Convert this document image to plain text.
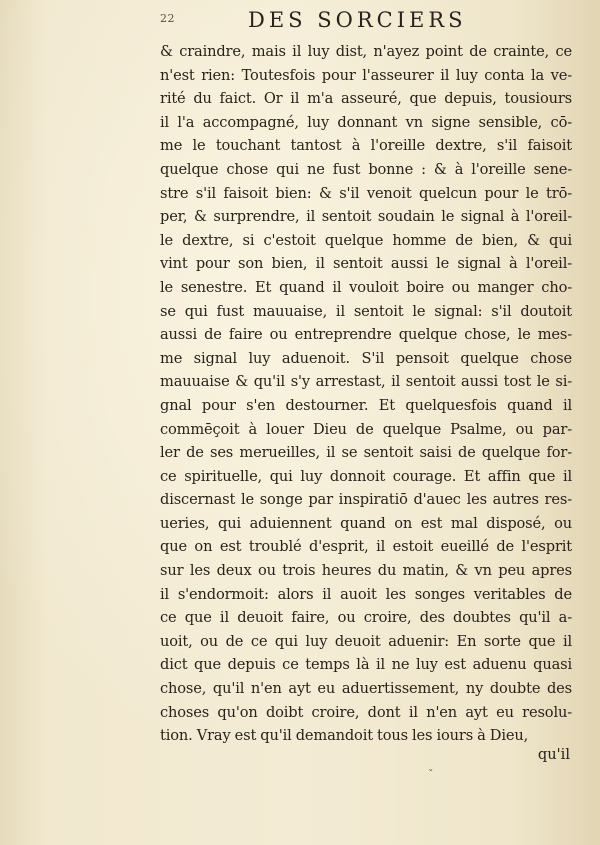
22	DES SORCIERS
& craindre, mais il luy dist, n'ayez point de crainte, ce
n'est rien: Toutesfois pour l'asseurer il luy conta la ve-
rité du faict. Or il m'a asseuré, que depuis, tousiours
il l'a accompagné, luy donnant vn signe sensible, cō-
me le touchant tantost à l'oreille dextre, s'il faisoit
quelque chose qui ne fust bonne : & à l'oreille sene-
stre s'il faisoit bien: & s'il venoit quelcun pour le trō-
per, & surprendre, il sentoit soudain le signal à l'oreil-
le dextre, si c'estoit quelque homme de bien, & qui
vint pour son bien, il sentoit aussi le signal à l'oreil-
le senestre. Et quand il vouloit boire ou manger cho-
se qui fust mauuaise, il sentoit le signal: s'il doutoit
aussi de faire ou entreprendre quelque chose, le mes-
me signal luy aduenoit. S'il pensoit quelque chose
mauuaise & qu'il s'y arrestast, il sentoit aussi tost le si-
gnal pour s'en destourner. Et quelquesfois quand il
commēçoit à louer Dieu de quelque Psalme, ou par-
ler de ses merueilles, il se sentoit saisi de quelque for-
ce spirituelle, qui luy donnoit courage. Et affin que il
discernast le songe par inspiratiō d'auec les autres res-
ueries, qui aduiennent quand on est mal disposé, ou
que on est troublé d'esprit, il estoit eueillé de l'esprit
sur les deux ou trois heures du matin, & vn peu apres
il s'endormoit: alors il auoit les songes veritables de
ce que il deuoit faire, ou croire, des doubtes qu'il a-
uoit, ou de ce qui luy deuoit aduenir: En sorte que il
dict que depuis ce temps là il ne luy est aduenu quasi
chose, qu'il n'en ayt eu aduertissement, ny doubte des
choses qu'on doibt croire, dont il n'en ayt eu resolu-
tion. Vray est qu'il demandoit tous les iours à Dieu,
qu'il
ˇ
